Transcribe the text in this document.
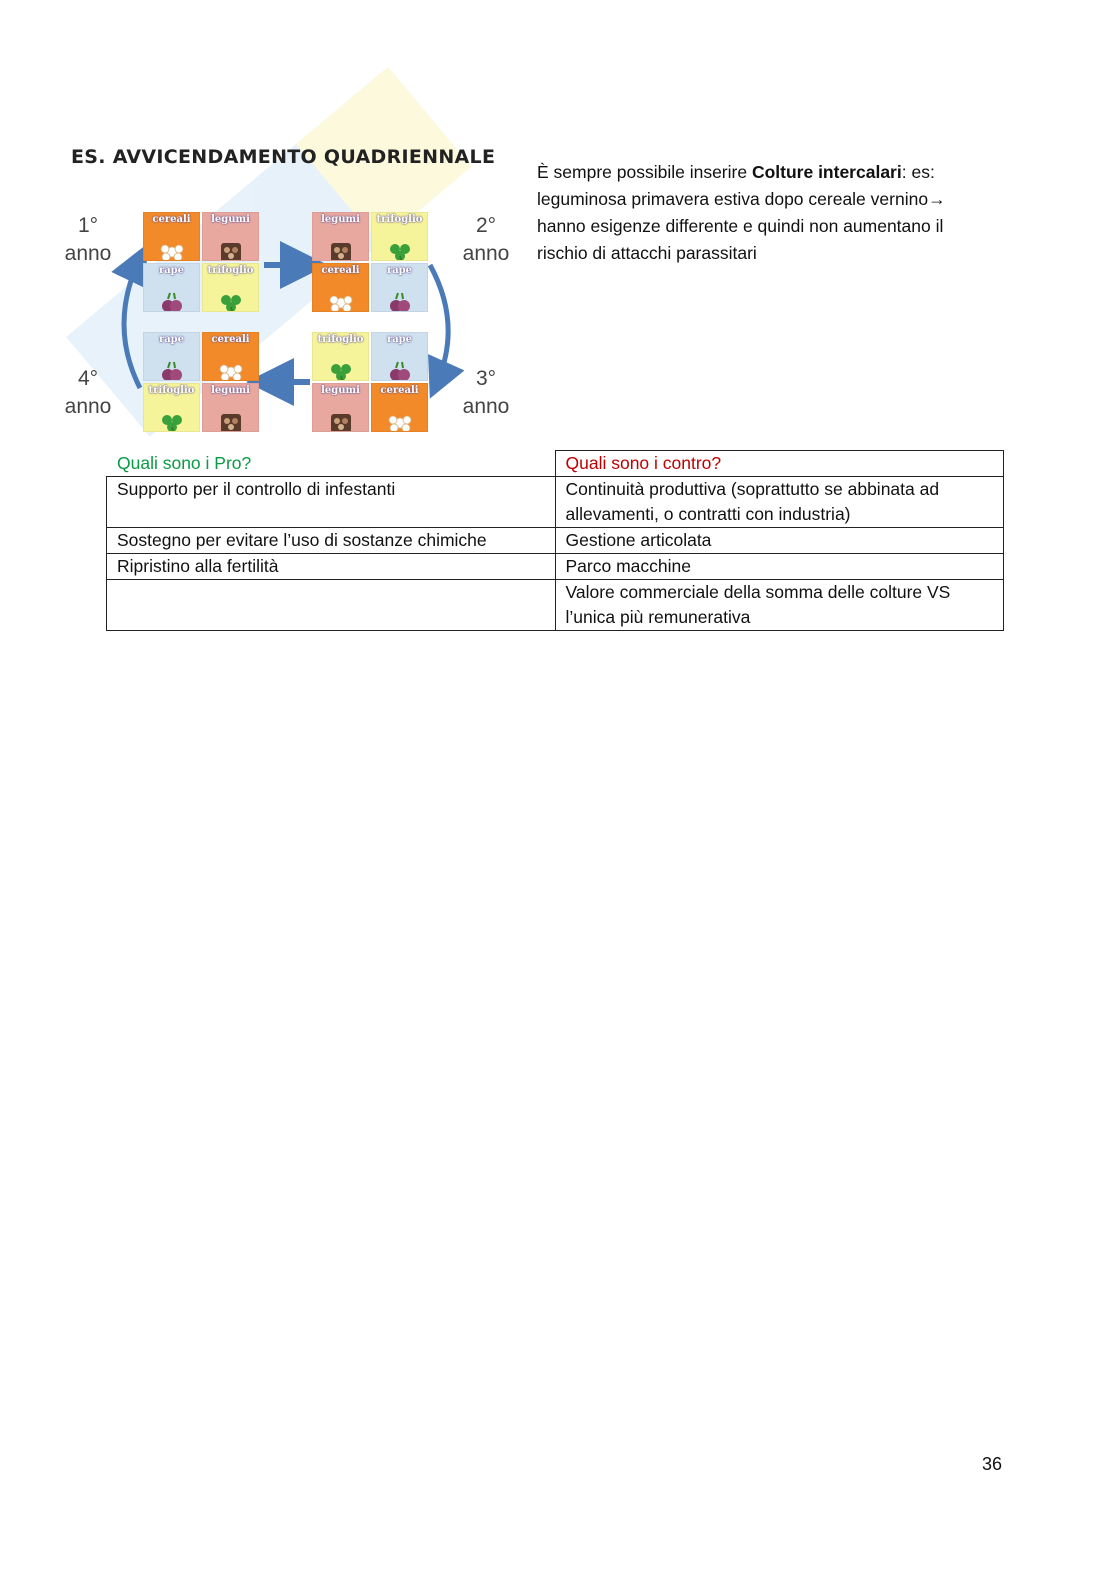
ES. AVVICENDAMENTO QUADRIENNALE
1°
anno
2°
anno
3°
anno
4°
anno
cereali	legumi
rape	trifoglio
legumi	trifoglio
cereali	rape
trifoglio	rape
legumi	cereali
rape	cereali
trifoglio	legumi
È sempre possibile inserire Colture intercalari: es:
leguminosa primavera estiva dopo cereale vernino→
hanno esigenze differente e quindi non aumentano il
rischio di attacchi parassitari
Quali sono i Pro?	Quali sono i contro?
Supporto per il controllo di infestanti	Continuità produttiva (soprattutto se abbinata ad allevamenti, o contratti con industria)
Sostegno per evitare l’uso di sostanze chimiche	Gestione articolata
Ripristino alla fertilità	Parco macchine
	Valore commerciale della somma delle colture VS l’unica più remunerativa
36
